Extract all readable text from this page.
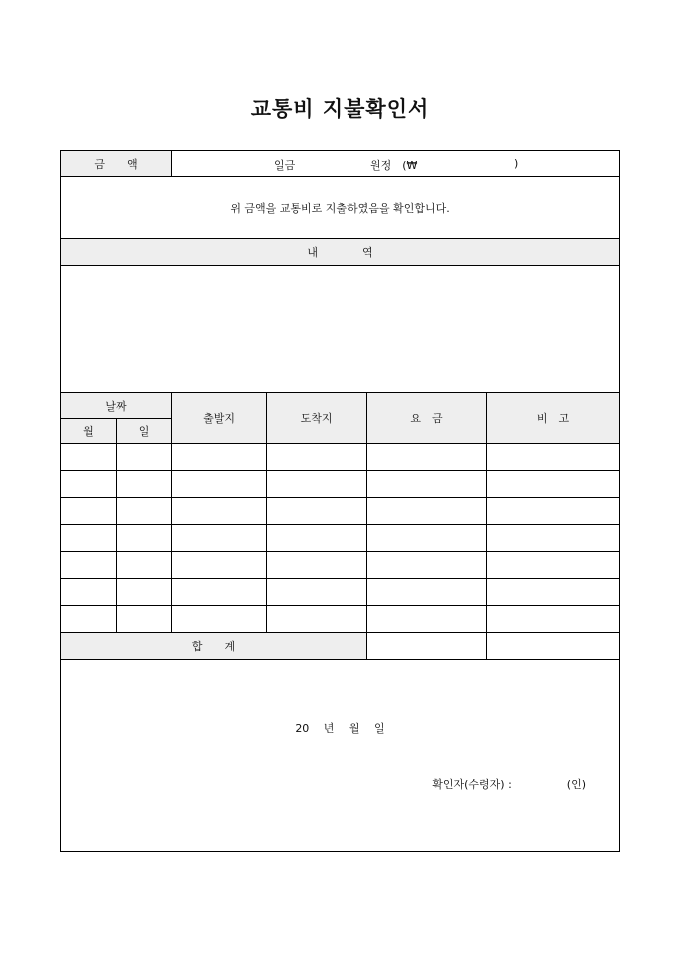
교통비 지불확인서
금　　액		일금 원정　(₩ )			

위 금액을 교통비로 지출하였음을 확인합니다.					
내　　　　역					

날짜		출발지	도착지	요　금	비　고
월	일				

합　　계					

20　 년　 월　 일
확인자(수령자) : (인)					
